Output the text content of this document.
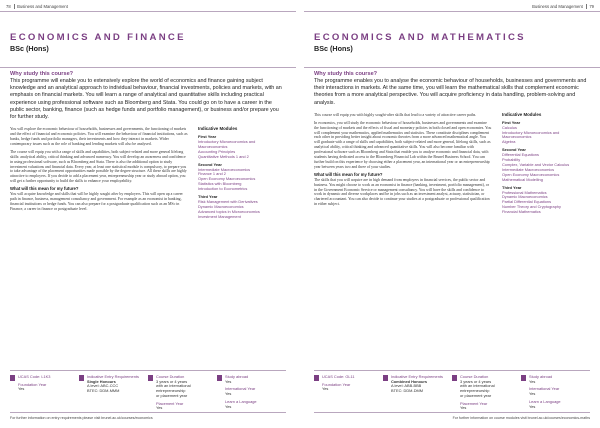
78 Business and Management
ECONOMICS AND FINANCE
BSc (Hons)
Why study this course?
This programme will enable you to extensively explore the world of economics and finance gaining subject knowledge and an analytical approach to individual behaviour, financial investments, policies and markets, with an emphasis on financial markets. You will learn a range of analytical and quantitative skills including practical experience using professional software such as Bloomberg and Stata. You could go on to have a career in the public sector, banking, finance (such as hedge funds and portfolio management), or business and/or prepare you for further study.

You will explore the economic behaviour of households, businesses and governments, the functioning of markets and the effect of financial and economic policies. You will examine the behaviour of financial institutions, such as banks, hedge funds and portfolio managers, their investments and how they interact in markets. Wider contemporary issues such as the role of banking and lending markets will also be analysed.

The course will equip you with a range of skills and capabilities, both subject-related and more general lifelong skills: analytical ability, critical thinking and advanced numeracy. You will develop an awareness and confidence in using professional software, such as Bloomberg and Stata. There is also the additional option to study investment valuations and financial data. Every year, at least one statistical module is compulsory, to prepare you to take advantage of the placement opportunities made possible by the degree structure. All these skills are highly attractive to employers. If you decide to add a placement year, entrepreneurship year or study abroad option, you will get a further opportunity to build the skills to enhance your employability.

What will this mean for my future?

You will acquire knowledge and skills that will be highly sought after by employers. This will open up a career path in finance, business, management consultancy and government. For example as an economist in banking, financial institutions or hedge funds. You can also prepare for a postgraduate qualification such as an MSc in Finance, a career in finance or postgraduate level.

Indicative Modules
First Year
Introductory Microeconomics and Macroeconomics
Accounting Principles
Quantitative Methods 1 and 2
Second Year
Intermediate Macroeconomics
Finance 1 and 2
Open Economy Macroeconomics
Statistics with Bloomberg
Introduction to Econometrics
Third Year
Risk Management with Derivatives
Dynamic Macroeconomics
Advanced topics in Microeconomics
Investment Management
UCAS Code: L1K3
Foundation Year
Yes
Indicative Entry Requirements
Single Honours
A level: ABC-CCC
BTEC: DDM-MMM
Course Duration
3 years or 4 years
with an international
entrepreneurship
or placement year
Placement Year
Yes
Study abroad
Yes
International Year
Yes
Learn a Language
Yes
For further information on entry requirements please visit brunel.ac.uk/courses/economics
Business and Management 79
ECONOMICS AND MATHEMATICS
BSc (Hons)
Why study this course?
The programme enables you to analyse the economic behaviour of households, businesses and governments and their interactions in markets. At the same time, you will learn the mathematical skills that complement economic theories from a more analytical perspective. You will acquire proficiency in data handling, problem-solving and analysis.

This course will equip you with highly sought-after skills that lead to a variety of attractive career paths.

In economics, you will study the economic behaviour of households, businesses and governments and examine the functioning of markets and the effects of fiscal and monetary policies in both closed and open economies. You will complement your mathematics, applied mathematics and statistics. These constitute disciplines complement each other in providing better insight about economic theories from a more advanced mathematical angle. You will graduate with a range of skills and capabilities, both subject-related and more general, lifelong skills, such as analytical ability, critical thinking and advanced quantitative skills. You will also become familiar with professional software such as Bloomberg and Stata that enable you to analyse economic and financial data, with students having dedicated access to the Bloomberg Financial Lab within the Brunel Business School. You can further build on this experience by choosing either a placement year, an international year or an entrepreneurship year between years two and three of your studies.

What will this mean for my future?

The skills that you will acquire are in high demand from employers in financial services, the public sector and business. You might choose to work as an economist in finance (banking, investment, portfolio management), or in the Government Economic Service or management consultancy. You will have the skills and confidence to work in dynamic and diverse workplaces and be in jobs such as an investment analyst, actuary, statistician, or chartered accountant. You can also decide to continue your studies at a postgraduate or professional qualification in either subject.

Indicative Modules
First Year
Calculus
Introductory Microeconomics and Macroeconomics
Algebra
Second Year
Differential Equations
Probability
Complex, Variable and Vector Calculus
Intermediate Macroeconomics
Open Economy Macroeconomics
Mathematical Modelling
Third Year
Professional Mathematics
Dynamic Macroeconomics
Partial Differential Equations
Number Theory and Cryptography
Financial Mathematics
UCAS Code: GL11
Foundation Year
Yes
Indicative Entry Requirements
Combined Honours
A level: ABB-BBB
BTEC: DDM-DMM
Course Duration
3 years or 4 years
with an international
entrepreneurship
or placement year
Placement Year
Yes
Study abroad
Yes
International Year
Yes
Learn a Language
Yes
For further information on course modules visit brunel.ac.uk/courses/economics-maths
